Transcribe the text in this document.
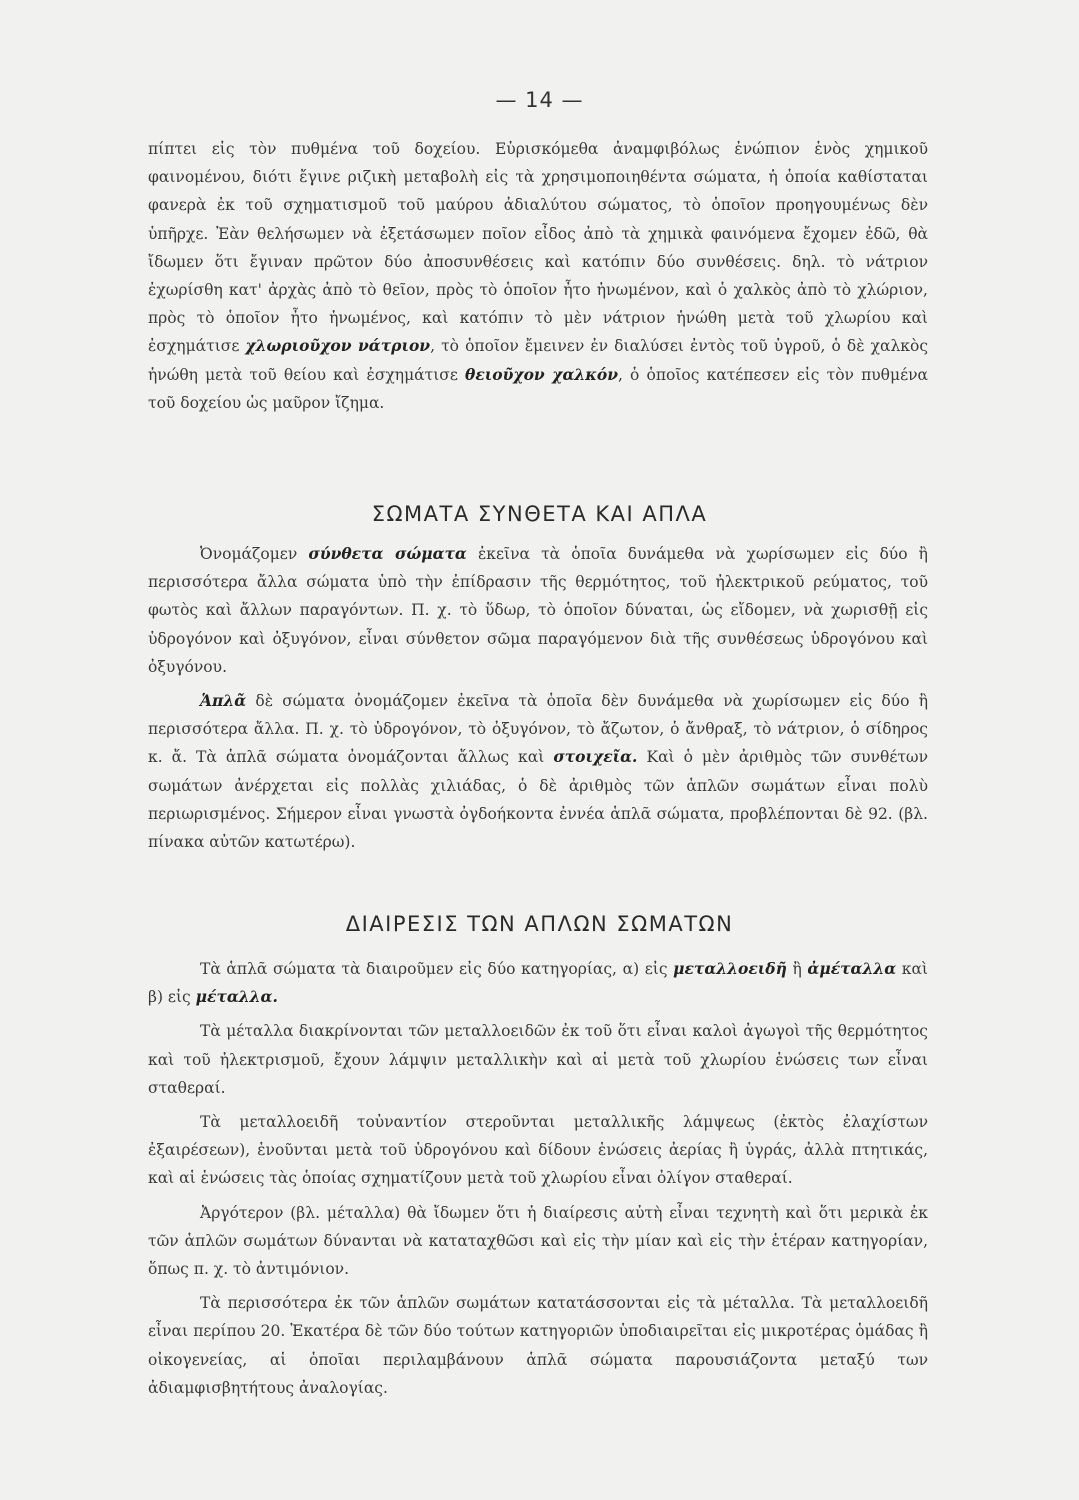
— 14 —

πίπτει εἰς τὸν πυθμένα τοῦ δοχείου. Εὑρισκόμεθα ἀναμφιβόλως ἐνώπιον ἑνὸς χημικοῦ φαινομένου, διότι ἔγινε ριζικὴ μεταβολὴ εἰς τὰ χρησιμοποιηθέντα σώματα, ἡ ὁποία καθίσταται φανερὰ ἐκ τοῦ σχηματισμοῦ τοῦ μαύρου ἀδιαλύτου σώματος, τὸ ὁποῖον προηγουμένως δὲν ὑπῆρχε. Ἐὰν θελήσωμεν νὰ ἐξετάσωμεν ποῖον εἶδος ἀπὸ τὰ χημικὰ φαινόμενα ἔχομεν ἐδῶ, θὰ ἴδωμεν ὅτι ἔγιναν πρῶτον δύο ἀποσυνθέσεις καὶ κατόπιν δύο συνθέσεις. δηλ. τὸ νάτριον ἐχωρίσθη κατ' ἀρχὰς ἀπὸ τὸ θεῖον, πρὸς τὸ ὁποῖον ἦτο ἡνωμένον, καὶ ὁ χαλκὸς ἀπὸ τὸ χλώριον, πρὸς τὸ ὁποῖον ἦτο ἡνωμένος, καὶ κατόπιν τὸ μὲν νάτριον ἡνώθη μετὰ τοῦ χλωρίου καὶ ἐσχημάτισε χλωριοῦχον νάτριον, τὸ ὁποῖον ἔμεινεν ἐν διαλύσει ἐντὸς τοῦ ὑγροῦ, ὁ δὲ χαλκὸς ἡνώθη μετὰ τοῦ θείου καὶ ἐσχημάτισε θειοῦχον χαλκόν, ὁ ὁποῖος κατέπεσεν εἰς τὸν πυθμένα τοῦ δοχείου ὡς μαῦρον ἴζημα.

ΣΩΜΑΤΑ ΣΥΝΘΕΤΑ ΚΑΙ ΑΠΛΑ

Ὀνομάζομεν σύνθετα σώματα ἐκεῖνα τὰ ὁποῖα δυνάμεθα νὰ χωρίσωμεν εἰς δύο ἢ περισσότερα ἄλλα σώματα ὑπὸ τὴν ἐπίδρασιν τῆς θερμότητος, τοῦ ἠλεκτρικοῦ ρεύματος, τοῦ φωτὸς καὶ ἄλλων παραγόντων. Π. χ. τὸ ὕδωρ, τὸ ὁποῖον δύναται, ὡς εἴδομεν, νὰ χωρισθῇ εἰς ὑδρογόνον καὶ ὀξυγόνον, εἶναι σύνθετον σῶμα παραγόμενον διὰ τῆς συνθέσεως ὑδρογόνου καὶ ὀξυγόνου.

Ἁπλᾶ δὲ σώματα ὀνομάζομεν ἐκεῖνα τὰ ὁποῖα δὲν δυνάμεθα νὰ χωρίσωμεν εἰς δύο ἢ περισσότερα ἄλλα. Π. χ. τὸ ὑδρογόνον, τὸ ὀξυγόνον, τὸ ἄζωτον, ὁ ἄνθραξ, τὸ νάτριον, ὁ σίδηρος κ. ἄ. Τὰ ἁπλᾶ σώματα ὀνομάζονται ἄλλως καὶ στοιχεῖα. Καὶ ὁ μὲν ἀριθμὸς τῶν συνθέτων σωμάτων ἀνέρχεται εἰς πολλὰς χιλιάδας, ὁ δὲ ἀριθμὸς τῶν ἁπλῶν σωμάτων εἶναι πολὺ περιωρισμένος. Σήμερον εἶναι γνωστὰ ὀγδοήκοντα ἐννέα ἁπλᾶ σώματα, προβλέπονται δὲ 92. (βλ. πίνακα αὐτῶν κατωτέρω).

ΔΙΑΙΡΕΣΙΣ ΤΩΝ ΑΠΛΩΝ ΣΩΜΑΤΩΝ

Τὰ ἁπλᾶ σώματα τὰ διαιροῦμεν εἰς δύο κατηγορίας, α) εἰς μεταλλοειδῆ ἢ ἀμέταλλα καὶ β) εἰς μέταλλα.

Τὰ μέταλλα διακρίνονται τῶν μεταλλοειδῶν ἐκ τοῦ ὅτι εἶναι καλοὶ ἀγωγοὶ τῆς θερμότητος καὶ τοῦ ἠλεκτρισμοῦ, ἔχουν λάμψιν μεταλλικὴν καὶ αἱ μετὰ τοῦ χλωρίου ἑνώσεις των εἶναι σταθεραί.

Τὰ μεταλλοειδῆ τοὐναντίον στεροῦνται μεταλλικῆς λάμψεως (ἐκτὸς ἐλαχίστων ἐξαιρέσεων), ἑνοῦνται μετὰ τοῦ ὑδρογόνου καὶ δίδουν ἑνώσεις ἀερίας ἢ ὑγράς, ἀλλὰ πτητικάς, καὶ αἱ ἑνώσεις τὰς ὁποίας σχηματίζουν μετὰ τοῦ χλωρίου εἶναι ὀλίγον σταθεραί.

Ἀργότερον (βλ. μέταλλα) θὰ ἴδωμεν ὅτι ἡ διαίρεσις αὐτὴ εἶναι τεχνητὴ καὶ ὅτι μερικὰ ἐκ τῶν ἁπλῶν σωμάτων δύνανται νὰ καταταχθῶσι καὶ εἰς τὴν μίαν καὶ εἰς τὴν ἑτέραν κατηγορίαν, ὅπως π. χ. τὸ ἀντιμόνιον.

Τὰ περισσότερα ἐκ τῶν ἁπλῶν σωμάτων κατατάσσονται εἰς τὰ μέταλλα. Τὰ μεταλλοειδῆ εἶναι περίπου 20. Ἑκατέρα δὲ τῶν δύο τούτων κατηγοριῶν ὑποδιαιρεῖται εἰς μικροτέρας ὁμάδας ἢ οἰκογενείας, αἱ ὁποῖαι περιλαμβάνουν ἁπλᾶ σώματα παρουσιάζοντα μεταξύ των ἀδιαμφισβητήτους ἀναλογίας.
